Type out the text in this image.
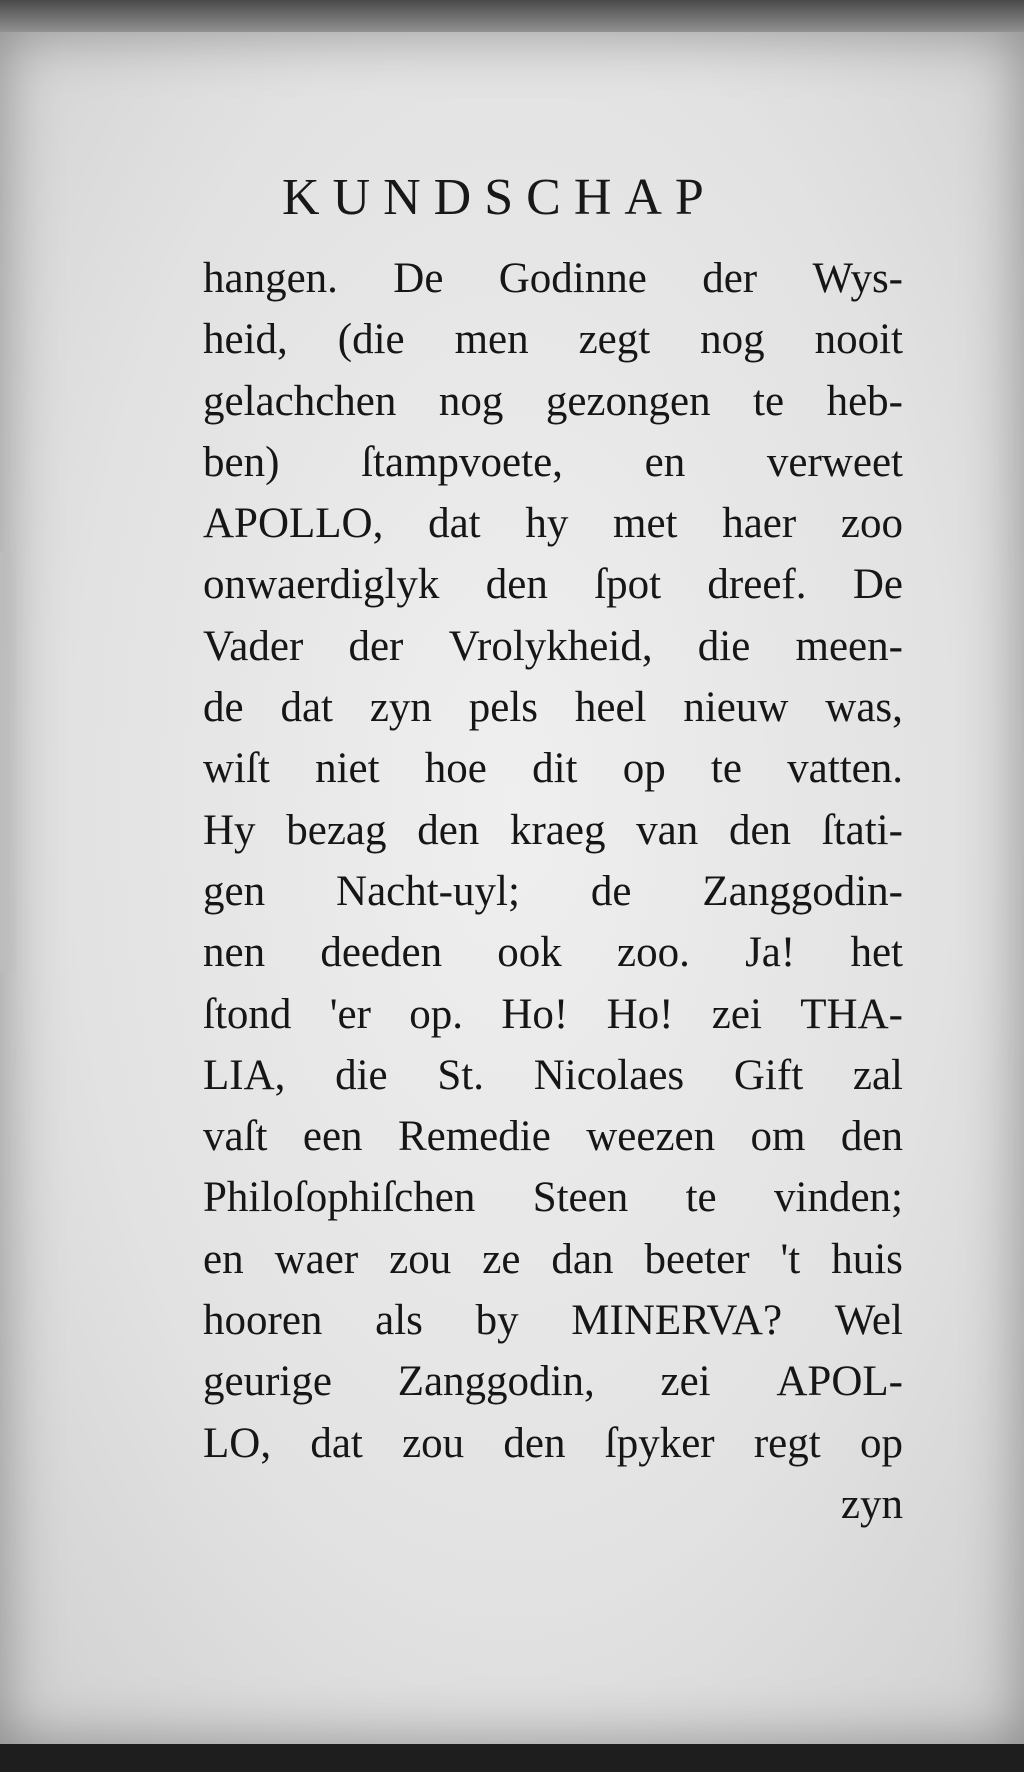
KUNDSCHAP
hangen. De Godinne der Wys-
heid, (die men zegt nog nooit
gelachchen nog gezongen te heb-
ben) ſtampvoete, en verweet
APOLLO, dat hy met haer zoo
onwaerdiglyk den ſpot dreef. De
Vader der Vrolykheid, die meen-
de dat zyn pels heel nieuw was,
wiſt niet hoe dit op te vatten.
Hy bezag den kraeg van den ſtati-
gen Nacht-uyl; de Zanggodin-
nen deeden ook zoo. Ja! het
ſtond 'er op. Ho! Ho! zei THA-
LIA, die St. Nicolaes Gift zal
vaſt een Remedie weezen om den
Philoſophiſchen Steen te vinden;
en waer zou ze dan beeter 't huis
hooren als by MINERVA? Wel
geurige Zanggodin, zei APOL-
LO, dat zou den ſpyker regt op
zyn
